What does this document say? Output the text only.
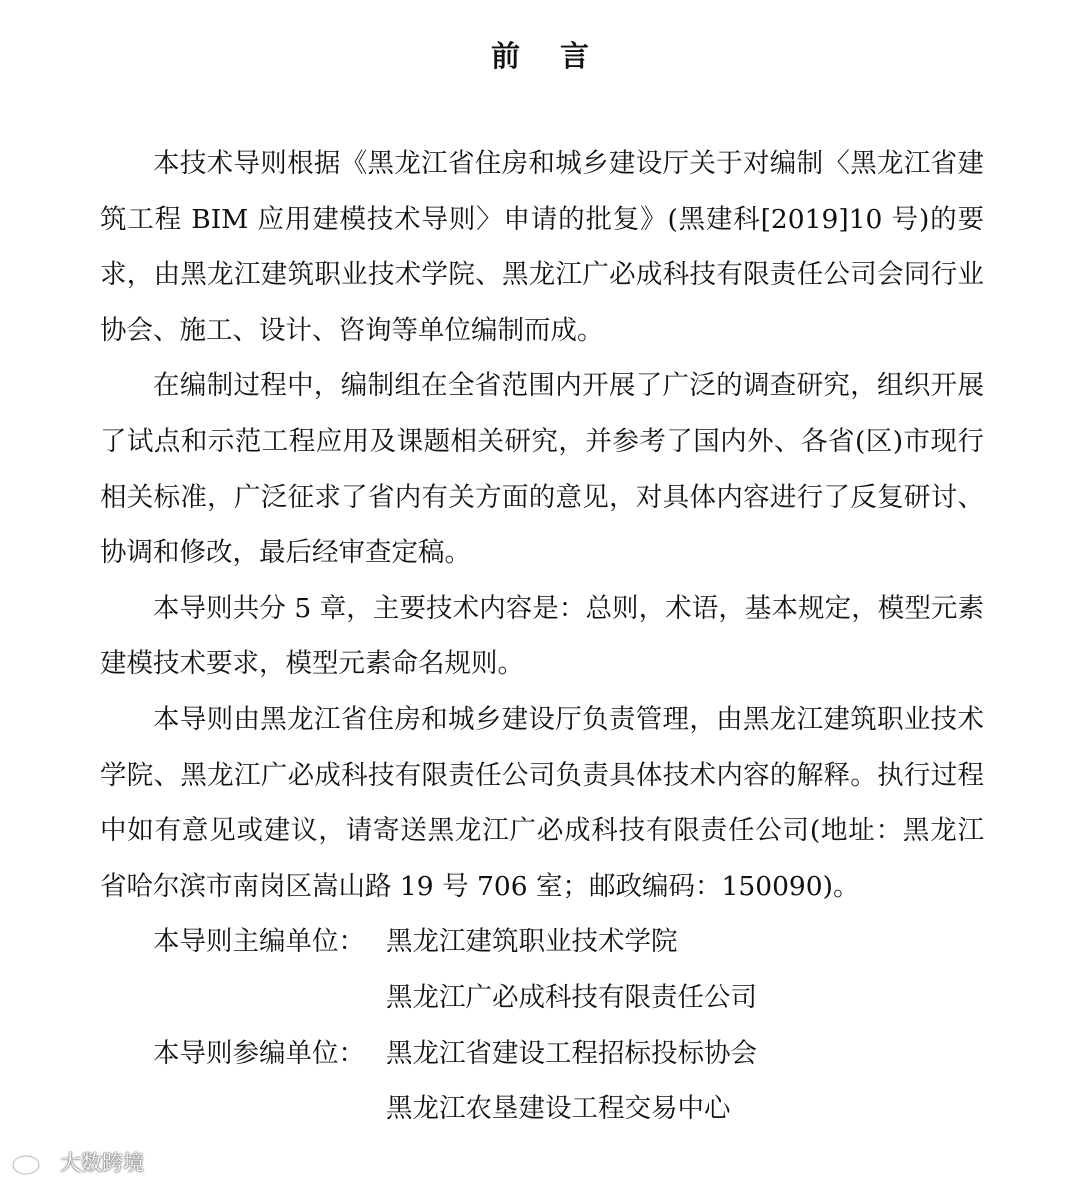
前言

本技术导则根据《黑龙江省住房和城乡建设厅关于对编制〈黑龙江省建筑工程 BIM 应用建模技术导则〉申请的批复》(黑建科[2019]10 号)的要求，由黑龙江建筑职业技术学院、黑龙江广必成科技有限责任公司会同行业协会、施工、设计、咨询等单位编制而成。

在编制过程中，编制组在全省范围内开展了广泛的调查研究，组织开展了试点和示范工程应用及课题相关研究，并参考了国内外、各省(区)市现行相关标准，广泛征求了省内有关方面的意见，对具体内容进行了反复研讨、协调和修改，最后经审查定稿。

本导则共分 5 章，主要技术内容是：总则，术语，基本规定，模型元素建模技术要求，模型元素命名规则。

本导则由黑龙江省住房和城乡建设厅负责管理，由黑龙江建筑职业技术学院、黑龙江广必成科技有限责任公司负责具体技术内容的解释。执行过程中如有意见或建议，请寄送黑龙江广必成科技有限责任公司(地址：黑龙江省哈尔滨市南岗区嵩山路 19 号 706 室；邮政编码：150090)。

本导则主编单位： 黑龙江建筑职业技术学院
黑龙江广必成科技有限责任公司
本导则参编单位： 黑龙江省建设工程招标投标协会
黑龙江农垦建设工程交易中心
大数跨境
